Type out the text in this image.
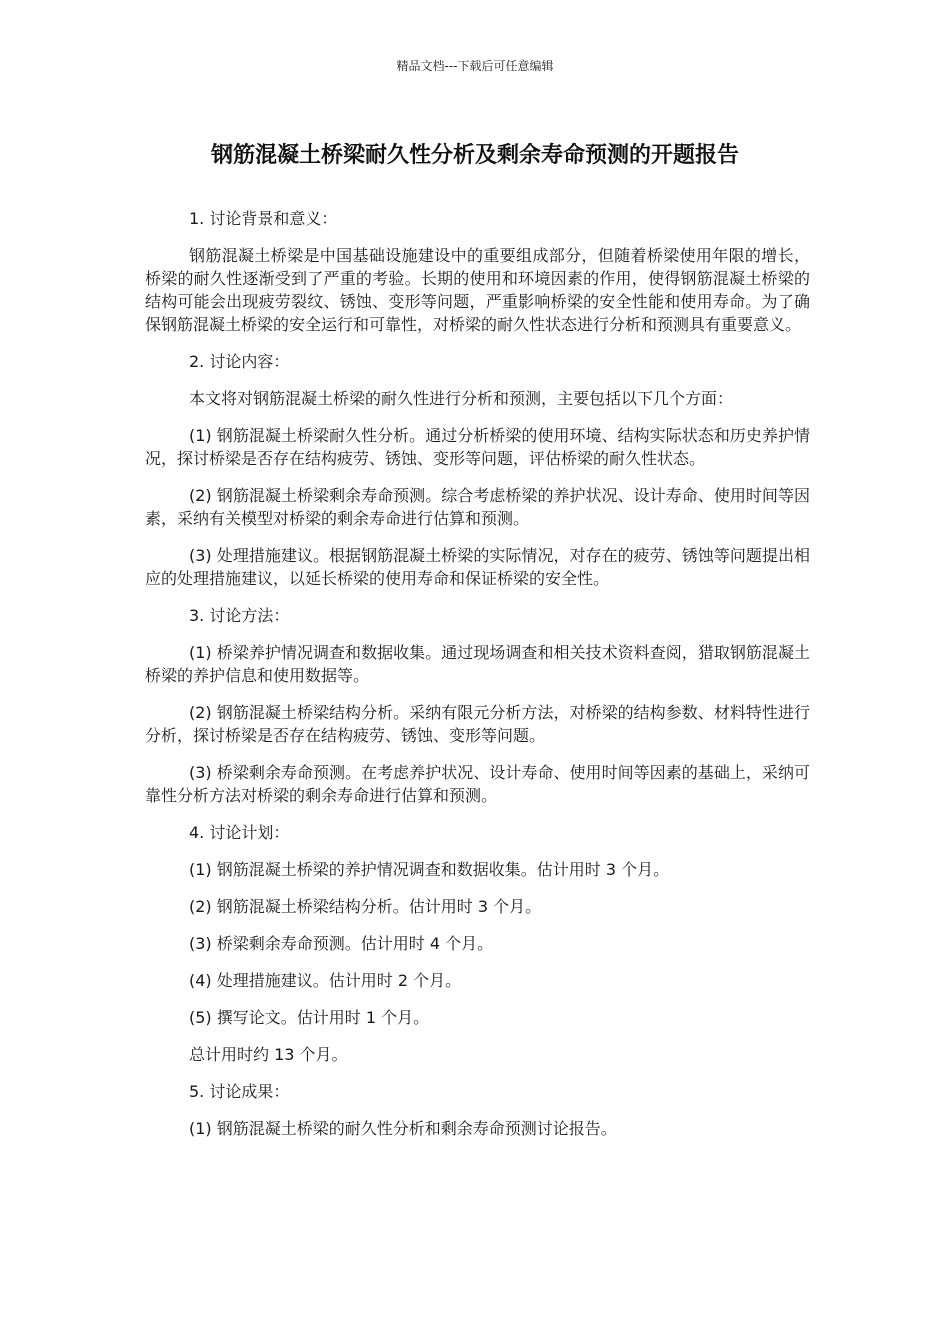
精品文档---下载后可任意编辑
钢筋混凝土桥梁耐久性分析及剩余寿命预测的开题报告
1. 讨论背景和意义：
钢筋混凝土桥梁是中国基础设施建设中的重要组成部分，但随着桥梁使用年限的增长，桥梁的耐久性逐渐受到了严重的考验。长期的使用和环境因素的作用，使得钢筋混凝土桥梁的结构可能会出现疲劳裂纹、锈蚀、变形等问题，严重影响桥梁的安全性能和使用寿命。为了确保钢筋混凝土桥梁的安全运行和可靠性，对桥梁的耐久性状态进行分析和预测具有重要意义。
2. 讨论内容：
本文将对钢筋混凝土桥梁的耐久性进行分析和预测，主要包括以下几个方面：
(1) 钢筋混凝土桥梁耐久性分析。通过分析桥梁的使用环境、结构实际状态和历史养护情况，探讨桥梁是否存在结构疲劳、锈蚀、变形等问题，评估桥梁的耐久性状态。
(2) 钢筋混凝土桥梁剩余寿命预测。综合考虑桥梁的养护状况、设计寿命、使用时间等因素，采纳有关模型对桥梁的剩余寿命进行估算和预测。
(3) 处理措施建议。根据钢筋混凝土桥梁的实际情况，对存在的疲劳、锈蚀等问题提出相应的处理措施建议，以延长桥梁的使用寿命和保证桥梁的安全性。
3. 讨论方法：
(1) 桥梁养护情况调查和数据收集。通过现场调查和相关技术资料查阅，猎取钢筋混凝土桥梁的养护信息和使用数据等。
(2) 钢筋混凝土桥梁结构分析。采纳有限元分析方法，对桥梁的结构参数、材料特性进行分析，探讨桥梁是否存在结构疲劳、锈蚀、变形等问题。
(3) 桥梁剩余寿命预测。在考虑养护状况、设计寿命、使用时间等因素的基础上，采纳可靠性分析方法对桥梁的剩余寿命进行估算和预测。
4. 讨论计划：
(1) 钢筋混凝土桥梁的养护情况调查和数据收集。估计用时 3 个月。
(2) 钢筋混凝土桥梁结构分析。估计用时 3 个月。
(3) 桥梁剩余寿命预测。估计用时 4 个月。
(4) 处理措施建议。估计用时 2 个月。
(5) 撰写论文。估计用时 1 个月。
总计用时约 13 个月。
5. 讨论成果：
(1) 钢筋混凝土桥梁的耐久性分析和剩余寿命预测讨论报告。
